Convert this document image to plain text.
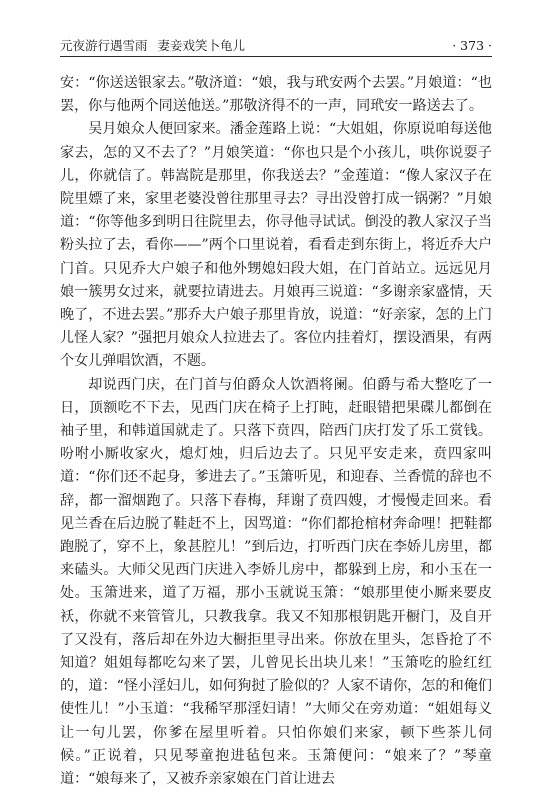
元夜游行遇雪雨 妻妾戏笑卜龟儿	· 373 ·

安：“你送送银家去。”敬济道：“娘，我与玳安两个去罢。”月娘道：“也罢，你与他两个同送他送。”那敬济得不的一声，同玳安一路送去了。

吴月娘众人便回家来。潘金莲路上说：“大姐姐，你原说咱每送他家去，怎的又不去了？”月娘笑道：“你也只是个小孩儿，哄你说耍子儿，你就信了。韩嵩院是那里，你我送去？”金莲道：“像人家汉子在院里嫖了来，家里老婆没曾往那里寻去？寻出没曾打成一锅粥？”月娘道：“你等他多到明日往院里去，你寻他寻试试。倒没的教人家汉子当粉头拉了去，看你——”两个口里说着，看看走到东街上，将近乔大户门首。只见乔大户娘子和他外甥媳妇段大姐，在门首站立。远远见月娘一簇男女过来，就要拉请进去。月娘再三说道：“多谢亲家盛情，天晚了，不进去罢。”那乔大户娘子那里肯放，说道：“好亲家，怎的上门儿怪人家？”强把月娘众人拉进去了。客位内挂着灯，摆设酒果，有两个女儿弹唱饮酒，不题。

却说西门庆，在门首与伯爵众人饮酒将阑。伯爵与希大整吃了一日，顶额吃不下去，见西门庆在椅子上打盹，赶眼错把果碟儿都倒在袖子里，和韩道国就走了。只落下贲四，陪西门庆打发了乐工赏钱。吩咐小厮收家火，熄灯烛，归后边去了。只见平安走来，贲四家叫道：“你们还不起身，爹进去了。”玉箫听见，和迎春、兰香慌的辞也不辞，都一溜烟跑了。只落下春梅，拜谢了贲四嫂，才慢慢走回来。看见兰香在后边脱了鞋赶不上，因骂道：“你们都抢棺材奔命哩！把鞋都跑脱了，穿不上，象甚腔儿！”到后边，打听西门庆在李娇儿房里，都来磕头。大师父见西门庆进入李娇儿房中，都躲到上房，和小玉在一处。玉箫进来，道了万福，那小玉就说玉箫：“娘那里使小厮来要皮袄，你就不来管管儿，只教我拿。我又不知那根钥匙开橱门，及自开了又没有，落后却在外边大橱拒里寻出来。你放在里头，怎昏抢了不知道？姐姐每都吃勾来了罢，儿曾见长出块儿来！”玉箫吃的脸红红的，道：“怪小淫妇儿，如何狗挝了脸似的？人家不请你，怎的和俺们使性儿！”小玉道：“我稀罕那淫妇请！”大师父在旁劝道：“姐姐每义让一句儿罢，你爹在屋里听着。只怕你娘们来家，顿下些茶儿伺候。”正说着，只见琴童抱进毡包来。玉箫便问：“娘来了？”琴童道：“娘每来了，又被乔亲家娘在门首让进去
